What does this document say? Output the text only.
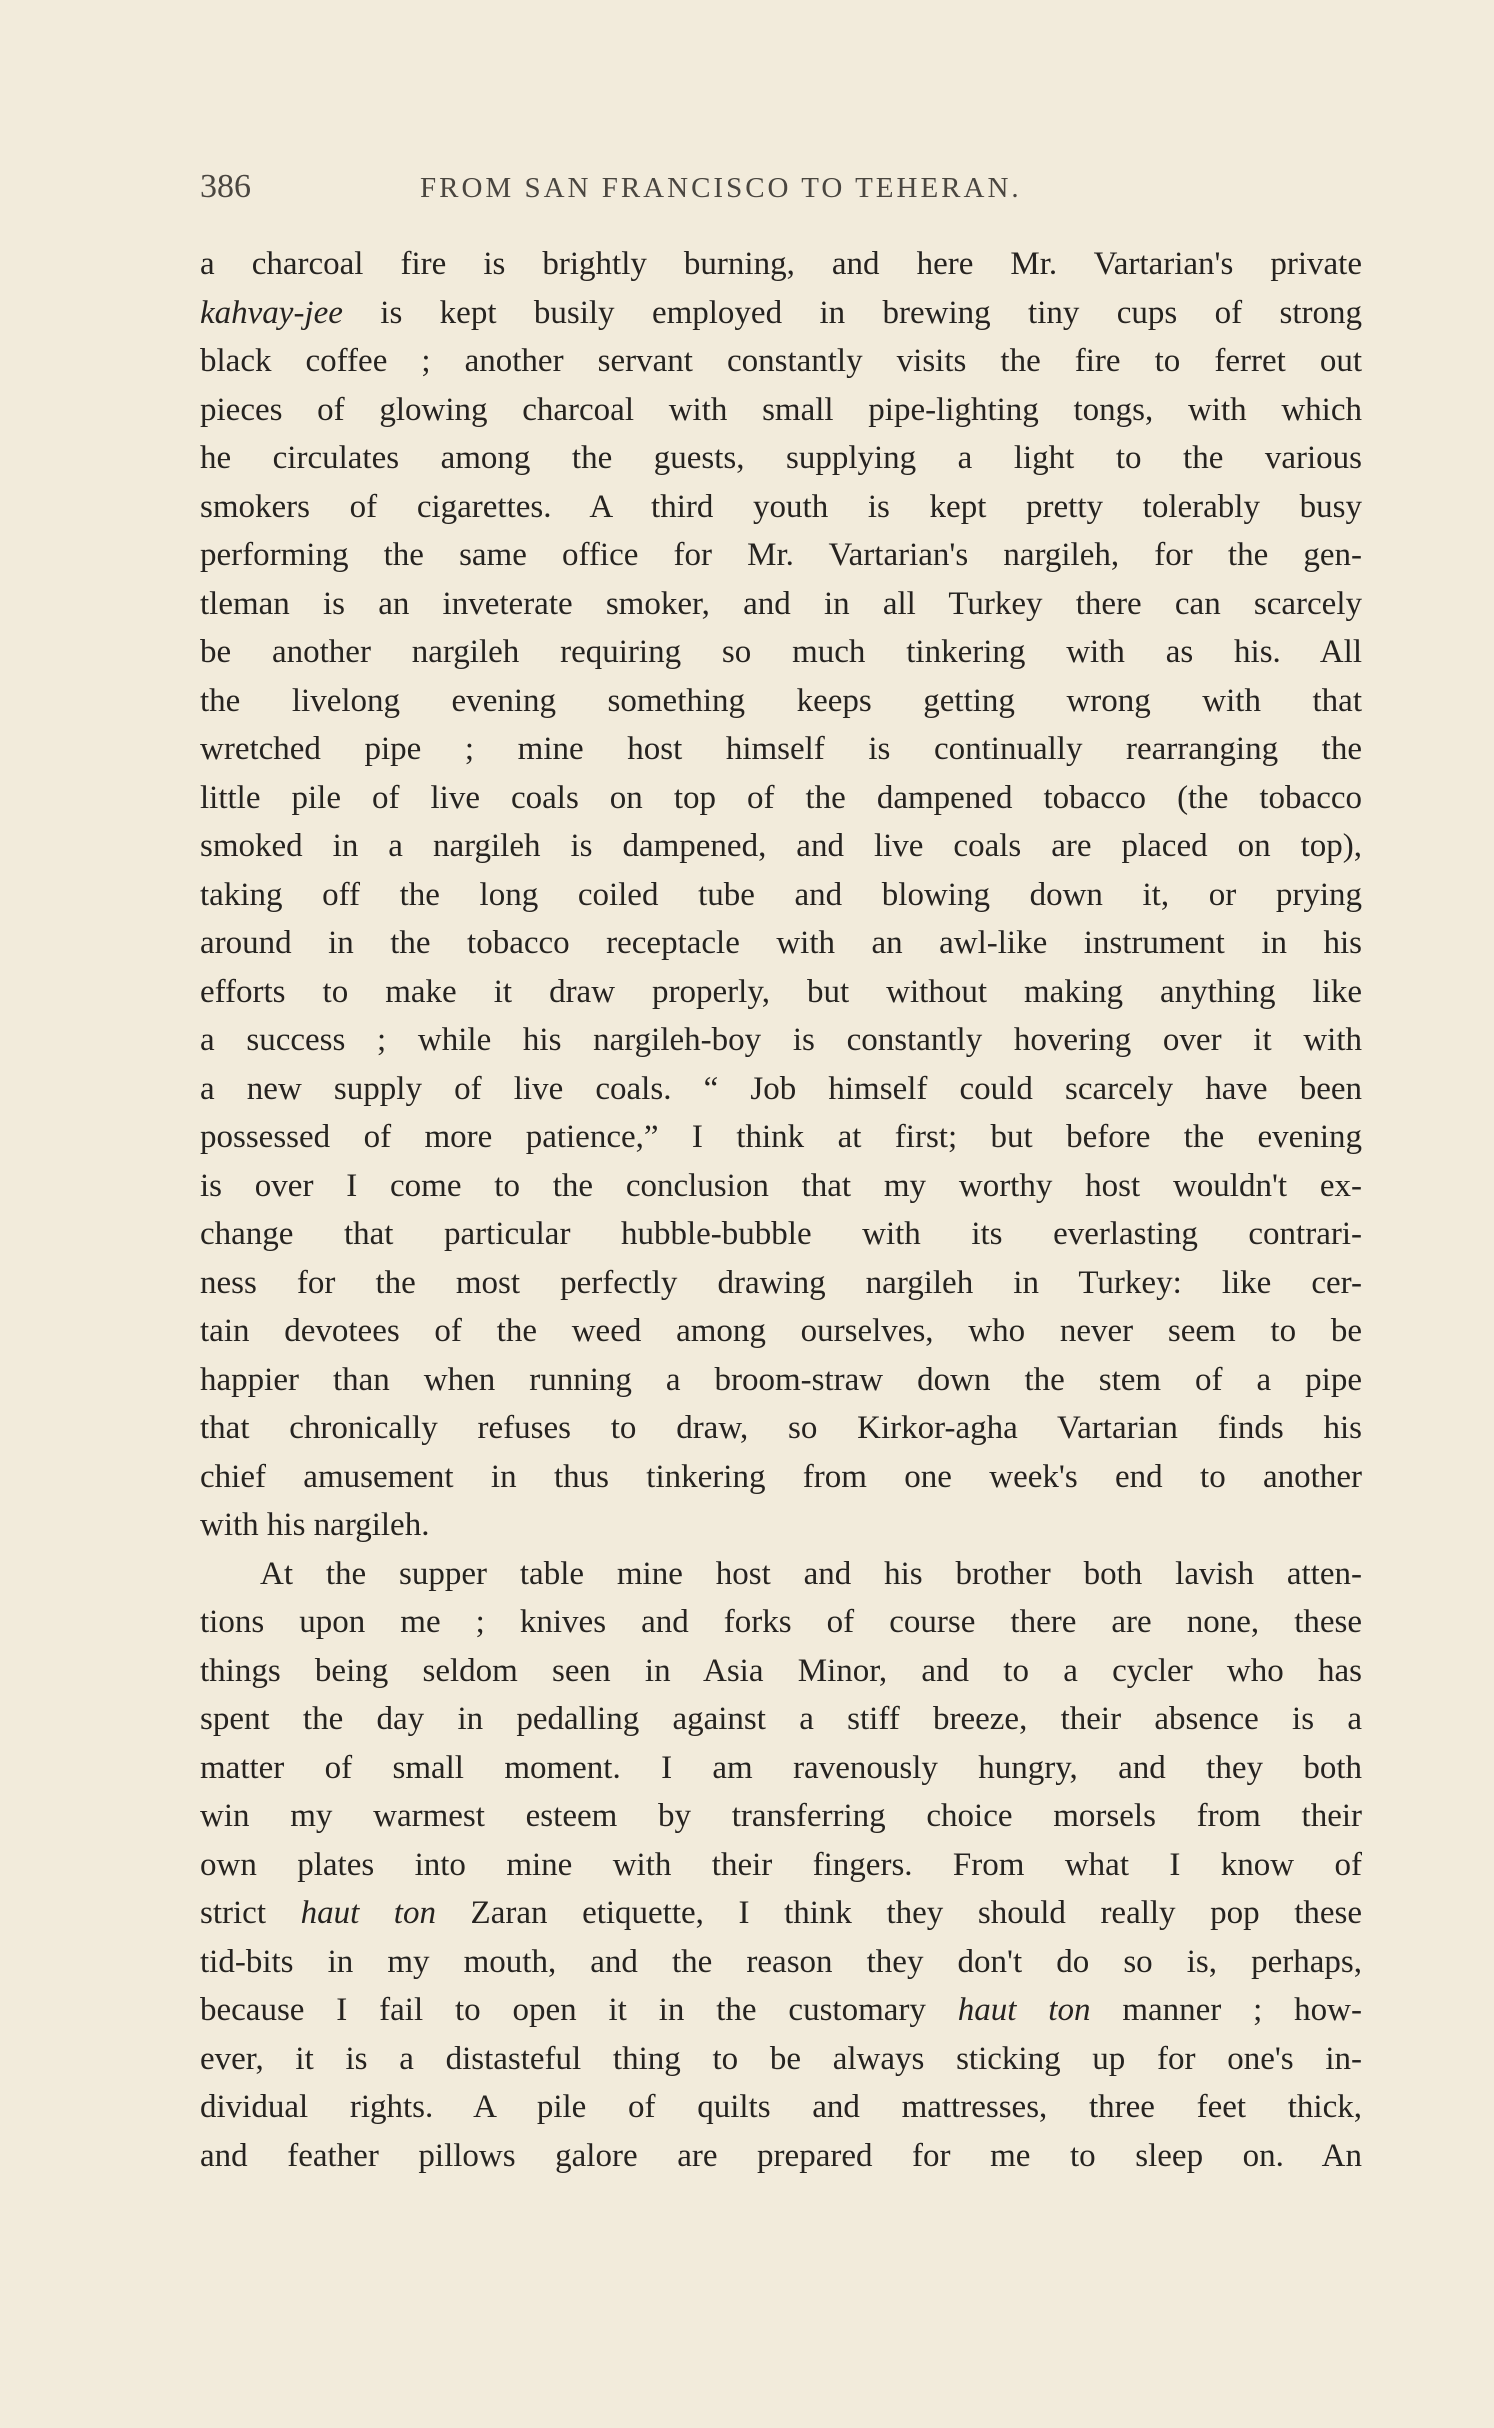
386	FROM SAN FRANCISCO TO TEHERAN.
a charcoal fire is brightly burning, and here Mr. Vartarian's private
kahvay-jee is kept busily employed in brewing tiny cups of strong
black coffee ; another servant constantly visits the fire to ferret out
pieces of glowing charcoal with small pipe-lighting tongs, with which
he circulates among the guests, supplying a light to the various
smokers of cigarettes. A third youth is kept pretty tolerably busy
performing the same office for Mr. Vartarian's nargileh, for the gen-
tleman is an inveterate smoker, and in all Turkey there can scarcely
be another nargileh requiring so much tinkering with as his. All
the livelong evening something keeps getting wrong with that
wretched pipe ; mine host himself is continually rearranging the
little pile of live coals on top of the dampened tobacco (the tobacco
smoked in a nargileh is dampened, and live coals are placed on top),
taking off the long coiled tube and blowing down it, or prying
around in the tobacco receptacle with an awl-like instrument in his
efforts to make it draw properly, but without making anything like
a success ; while his nargileh-boy is constantly hovering over it with
a new supply of live coals. “ Job himself could scarcely have been
possessed of more patience,” I think at first; but before the evening
is over I come to the conclusion that my worthy host wouldn't ex-
change that particular hubble-bubble with its everlasting contrari-
ness for the most perfectly drawing nargileh in Turkey: like cer-
tain devotees of the weed among ourselves, who never seem to be
happier than when running a broom-straw down the stem of a pipe
that chronically refuses to draw, so Kirkor-agha Vartarian finds his
chief amusement in thus tinkering from one week's end to another
with his nargileh.
At the supper table mine host and his brother both lavish atten-
tions upon me ; knives and forks of course there are none, these
things being seldom seen in Asia Minor, and to a cycler who has
spent the day in pedalling against a stiff breeze, their absence is a
matter of small moment. I am ravenously hungry, and they both
win my warmest esteem by transferring choice morsels from their
own plates into mine with their fingers. From what I know of
strict haut ton Zaran etiquette, I think they should really pop these
tid-bits in my mouth, and the reason they don't do so is, perhaps,
because I fail to open it in the customary haut ton manner ; how-
ever, it is a distasteful thing to be always sticking up for one's in-
dividual rights. A pile of quilts and mattresses, three feet thick,
and feather pillows galore are prepared for me to sleep on. An
